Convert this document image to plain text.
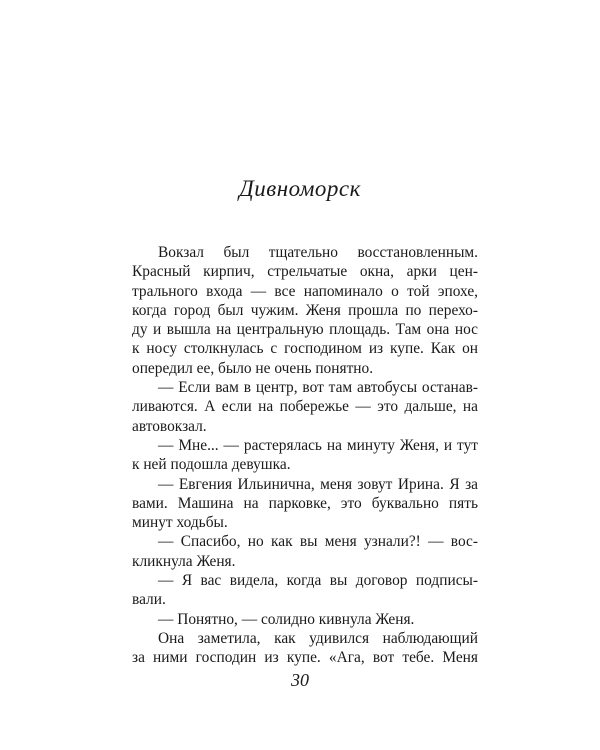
Дивноморск
Вокзал был тщательно восстановленным.
Красный кирпич, стрельчатые окна, арки цен-
трального входа — все напоминало о той эпохе,
когда город был чужим. Женя прошла по перехо-
ду и вышла на центральную площадь. Там она нос
к носу столкнулась с господином из купе. Как он
опередил ее, было не очень понятно.
— Если вам в центр, вот там автобусы останав-
ливаются. А если на побережье — это дальше, на
автовокзал.
— Мне... — растерялась на минуту Женя, и тут
к ней подошла девушка.
— Евгения Ильинична, меня зовут Ирина. Я за
вами. Машина на парковке, это буквально пять
минут ходьбы.
— Спасибо, но как вы меня узнали?! — вос-
кликнула Женя.
— Я вас видела, когда вы договор подписы-
вали.
— Понятно, — солидно кивнула Женя.
Она заметила, как удивился наблюдающий
за ними господин из купе. «Ага, вот тебе. Меня
30
